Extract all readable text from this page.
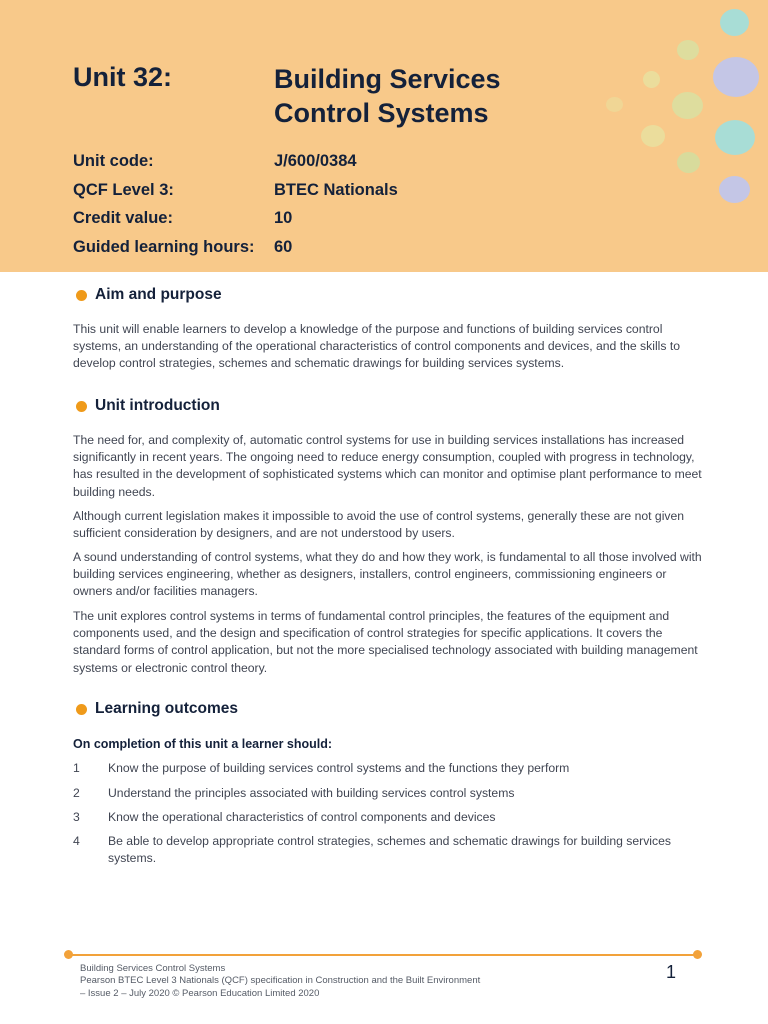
Unit 32:	Building Services
Control Systems
Unit code:	J/600/0384
QCF Level 3:	BTEC Nationals
Credit value:	10
Guided learning hours: 60
Aim and purpose

This unit will enable learners to develop a knowledge of the purpose and functions of building services control systems, an understanding of the operational characteristics of control components and devices, and the skills to develop control strategies, schemes and schematic drawings for building services systems.

Unit introduction

The need for, and complexity of, automatic control systems for use in building services installations has increased significantly in recent years. The ongoing need to reduce energy consumption, coupled with progress in technology, has resulted in the development of sophisticated systems which can monitor and optimise plant performance to meet building needs.

Although current legislation makes it impossible to avoid the use of control systems, generally these are not given sufficient consideration by designers, and are not understood by users.

A sound understanding of control systems, what they do and how they work, is fundamental to all those involved with building services engineering, whether as designers, installers, control engineers, commissioning engineers or owners and/or facilities managers.

The unit explores control systems in terms of fundamental control principles, the features of the equipment and components used, and the design and specification of control strategies for specific applications. It covers the standard forms of control application, but not the more specialised technology associated with building management systems or electronic control theory.

Learning outcomes
On completion of this unit a learner should:
1 Know the purpose of building services control systems and the functions they perform
2 Understand the principles associated with building services control systems
3 Know the operational characteristics of control components and devices
4 Be able to develop appropriate control strategies, schemes and schematic drawings for building services systems.
Building Services Control Systems
Pearson BTEC Level 3 Nationals (QCF) specification in Construction and the Built Environment
– Issue 2 – July 2020 © Pearson Education Limited 2020
1
